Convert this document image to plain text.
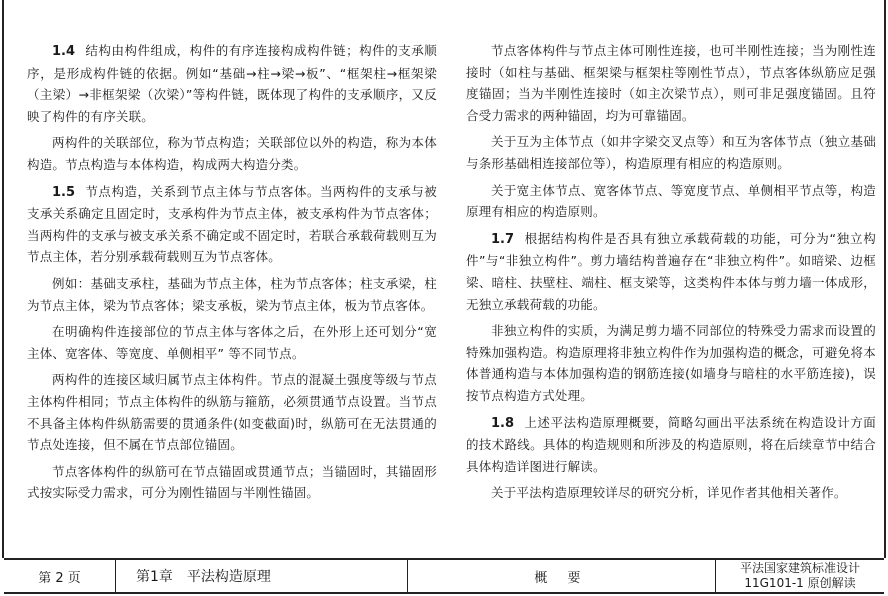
1.4 结构由构件组成，构件的有序连接构成构件链；构件的支承顺序，是形成构件链的依据。例如“基础→柱→梁→板”、“框架柱→框架梁（主梁）→非框架梁（次梁）”等构件链，既体现了构件的支承顺序，又反映了构件的有序关联。

两构件的关联部位，称为节点构造；关联部位以外的构造，称为本体构造。节点构造与本体构造，构成两大构造分类。

1.5 节点构造，关系到节点主体与节点客体。当两构件的支承与被支承关系确定且固定时，支承构件为节点主体，被支承构件为节点客体；当两构件的支承与被支承关系不确定或不固定时，若联合承载荷载则互为节点主体，若分别承载荷载则互为节点客体。

例如：基础支承柱，基础为节点主体，柱为节点客体；柱支承梁，柱为节点主体，梁为节点客体；梁支承板，梁为节点主体，板为节点客体。

在明确构件连接部位的节点主体与客体之后，在外形上还可划分“宽主体、宽客体、等宽度、单侧相平” 等不同节点。

两构件的连接区域归属节点主体构件。节点的混凝土强度等级与节点主体构件相同；节点主体构件的纵筋与箍筋，必须贯通节点设置。当节点不具备主体构件纵筋需要的贯通条件(如变截面)时，纵筋可在无法贯通的节点处连接，但不属在节点部位锚固。

节点客体构件的纵筋可在节点锚固或贯通节点；当锚固时，其锚固形式按实际受力需求，可分为刚性锚固与半刚性锚固。

节点客体构件与节点主体可刚性连接，也可半刚性连接；当为刚性连接时（如柱与基础、框架梁与框架柱等刚性节点），节点客体纵筋应足强度锚固；当为半刚性连接时（如主次梁节点），则可非足强度锚固。且符合受力需求的两种锚固，均为可靠锚固。

关于互为主体节点（如井字梁交叉点等）和互为客体节点（独立基础与条形基础相连接部位等），构造原理有相应的构造原则。

关于宽主体节点、宽客体节点、等宽度节点、单侧相平节点等，构造原理有相应的构造原则。

1.7 根据结构构件是否具有独立承载荷载的功能，可分为“独立构件”与“非独立构件”。剪力墙结构普遍存在“非独立构件”。如暗梁、边框梁、暗柱、扶壁柱、端柱、框支梁等，这类构件本体与剪力墙一体成形，无独立承载荷载的功能。

非独立构件的实质，为满足剪力墙不同部位的特殊受力需求而设置的特殊加强构造。构造原理将非独立构件作为加强构造的概念，可避免将本体普通构造与本体加强构造的钢筋连接(如墙身与暗柱的水平筋连接)，误按节点构造方式处理。

1.8 上述平法构造原理概要，简略勾画出平法系统在构造设计方面的技术路线。具体的构造规则和所涉及的构造原则，将在后续章节中结合具体构造详图进行解读。

关于平法构造原理较详尽的研究分析，详见作者其他相关著作。

第 2 页	第1章 平法构造原理	概 要
平法国家建筑标准设计
11G101-1 原创解读
